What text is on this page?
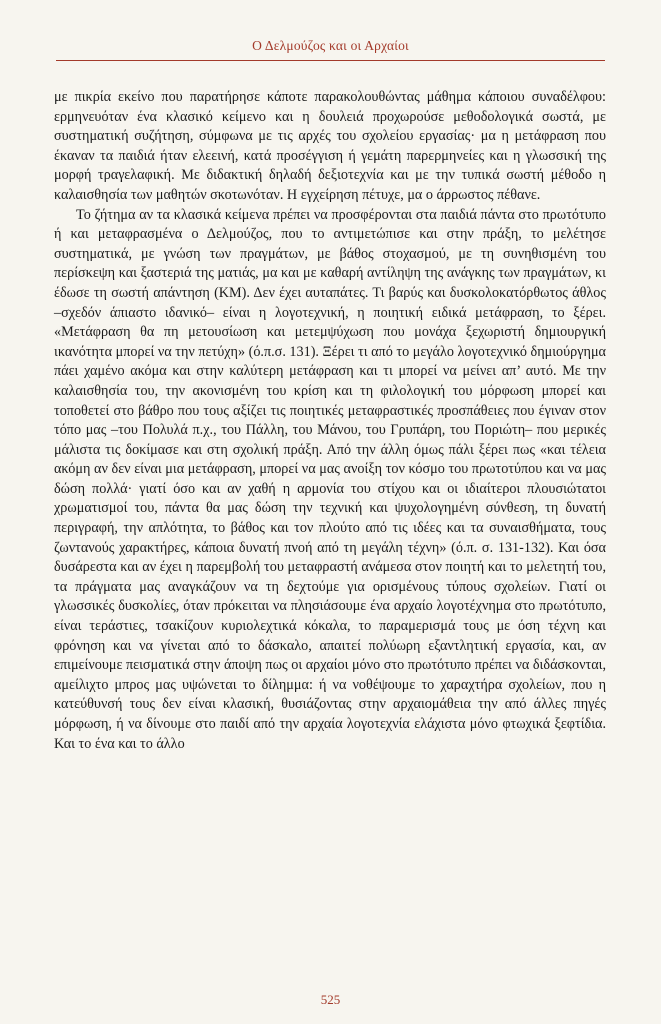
Ο Δελμούζος και οι Αρχαίοι

με πικρία εκείνο που παρατήρησε κάποτε παρακολουθώντας μάθημα κάποιου συναδέλφου: ερμηνευόταν ένα κλασικό κείμενο και η δουλειά προχωρούσε μεθοδολογικά σωστά, με συστηματική συζήτηση, σύμφωνα με τις αρχές του σχολείου εργασίας· μα η μετάφραση που έκαναν τα παιδιά ήταν ελεεινή, κατά προσέγγιση ή γεμάτη παρερμηνείες και η γλωσσική της μορφή τραγελαφική. Με διδακτική δηλαδή δεξιοτεχνία και με την τυπικά σωστή μέθοδο η καλαισθησία των μαθητών σκοτωνόταν. Η εγχείρηση πέτυχε, μα ο άρρωστος πέθανε.

Το ζήτημα αν τα κλασικά κείμενα πρέπει να προσφέρονται στα παιδιά πάντα στο πρωτότυπο ή και μεταφρασμένα ο Δελμούζος, που το αντιμετώπισε και στην πράξη, το μελέτησε συστηματικά, με γνώση των πραγμάτων, με βάθος στοχασμού, με τη συνηθισμένη του περίσκεψη και ξαστεριά της ματιάς, μα και με καθαρή αντίληψη της ανάγκης των πραγμάτων, κι έδωσε τη σωστή απάντηση (ΚΜ). Δεν έχει αυταπάτες. Τι βαρύς και δυσκολοκατόρθωτος άθλος –σχεδόν άπιαστο ιδανικό– είναι η λογοτεχνική, η ποιητική ειδικά μετάφραση, το ξέρει. «Μετάφραση θα πη μετουσίωση και μετεμψύχωση που μονάχα ξεχωριστή δημιουργική ικανότητα μπορεί να την πετύχη» (ό.π.σ. 131). Ξέρει τι από το μεγάλο λογοτεχνικό δημιούργημα πάει χαμένο ακόμα και στην καλύτερη μετάφραση και τι μπορεί να μείνει απ’ αυτό. Με την καλαισθησία του, την ακονισμένη του κρίση και τη φιλολογική του μόρφωση μπορεί και τοποθετεί στο βάθρο που τους αξίζει τις ποιητικές μεταφραστικές προσπάθειες που έγιναν στον τόπο μας –του Πολυλά π.χ., του Πάλλη, του Μάνου, του Γρυπάρη, του Ποριώτη– που μερικές μάλιστα τις δοκίμασε και στη σχολική πράξη. Από την άλλη όμως πάλι ξέρει πως «και τέλεια ακόμη αν δεν είναι μια μετάφραση, μπορεί να μας ανοίξη τον κόσμο του πρωτοτύπου και να μας δώση πολλά· γιατί όσο και αν χαθή η αρμονία του στίχου και οι ιδιαίτεροι πλουσιώτατοι χρωματισμοί του, πάντα θα μας δώση την τεχνική και ψυχολογημένη σύνθεση, τη δυνατή περιγραφή, την απλότητα, το βάθος και τον πλούτο από τις ιδέες και τα συναισθήματα, τους ζωντανούς χαρακτήρες, κάποια δυνατή πνοή από τη μεγάλη τέχνη» (ό.π. σ. 131-132). Και όσα δυσάρεστα και αν έχει η παρεμβολή του μεταφραστή ανάμεσα στον ποιητή και το μελετητή του, τα πράγματα μας αναγκάζουν να τη δεχτούμε για ορισμένους τύπους σχολείων. Γιατί οι γλωσσικές δυσκολίες, όταν πρόκειται να πλησιάσουμε ένα αρχαίο λογοτέχνημα στο πρωτότυπο, είναι τεράστιες, τσακίζουν κυριολεχτικά κόκαλα, το παραμερισμά τους με όση τέχνη και φρόνηση και να γίνεται από το δάσκαλο, απαιτεί πολύωρη εξαντλητική εργασία, και, αν επιμείνουμε πεισματικά στην άποψη πως οι αρχαίοι μόνο στο πρωτότυπο πρέπει να διδάσκονται, αμείλιχτο μπρος μας υψώνεται το δίλημμα: ή να νοθέψουμε το χαραχτήρα σχολείων, που η κατεύθυνσή τους δεν είναι κλασική, θυσιάζοντας στην αρχαιομάθεια την από άλλες πηγές μόρφωση, ή να δίνουμε στο παιδί από την αρχαία λογοτεχνία ελάχιστα μόνο φτωχικά ξεφτίδια. Και το ένα και το άλλο

525
